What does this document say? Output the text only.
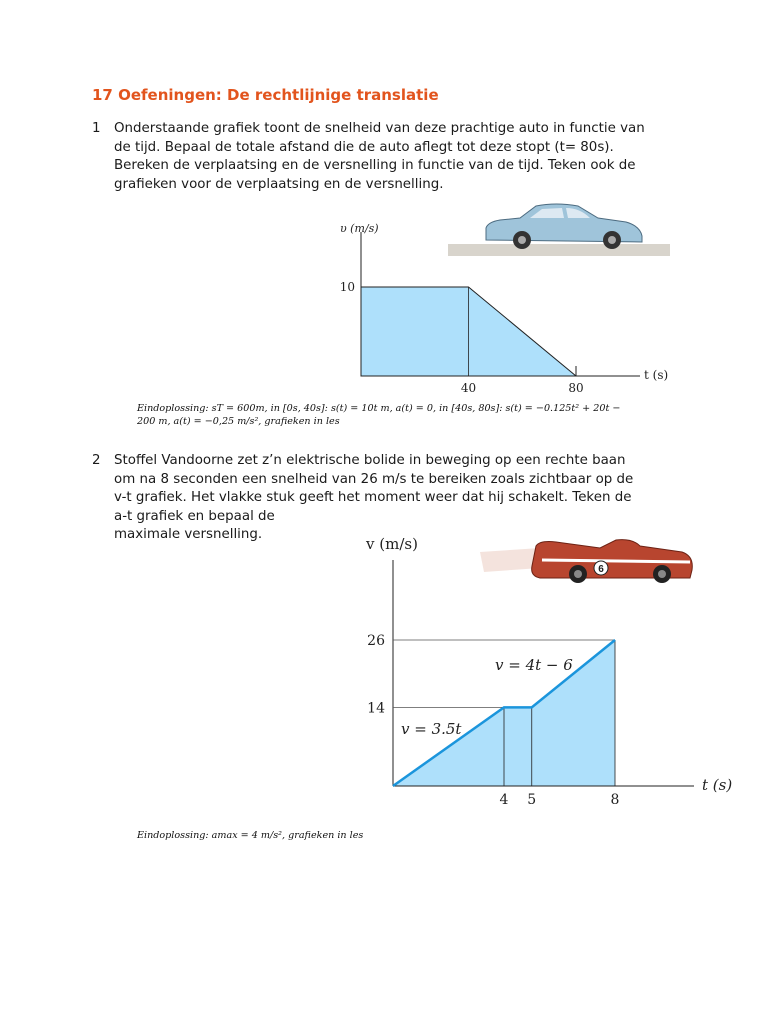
17 Oefeningen: De rechtlijnige translatie
1 Onderstaande grafiek toont de snelheid van deze prachtige auto in functie van
de tijd. Bepaal de totale afstand die de auto aflegt tot deze stopt (t= 80s).
Bereken de verplaatsing en de versnelling in functie van de tijd. Teken ook de
grafieken voor de verplaatsing en de versnelling.
υ (m/s)
t (s)
10
40	80
Eindoplossing: sT = 600m, in [0s, 40s]: s(t) = 10t m, a(t) = 0, in [40s, 80s]: s(t) = −0.125t² + 20t −
200 m, a(t) = −0,25 m/s², grafieken in les
2 Stoffel Vandoorne zet z’n elektrische bolide in beweging op een rechte baan
om na 8 seconden een snelheid van 26 m/s te bereiken zoals zichtbaar op de
v-t grafiek. Het vlakke stuk geeft het moment weer dat hij schakelt. Teken de
a-t grafiek en bepaal de
maximale versnelling.
6
v (m/s)
t (s)
14
26
4 5	8
v = 4t − 6
v = 3.5t
Eindoplossing: amax = 4 m/s², grafieken in les
